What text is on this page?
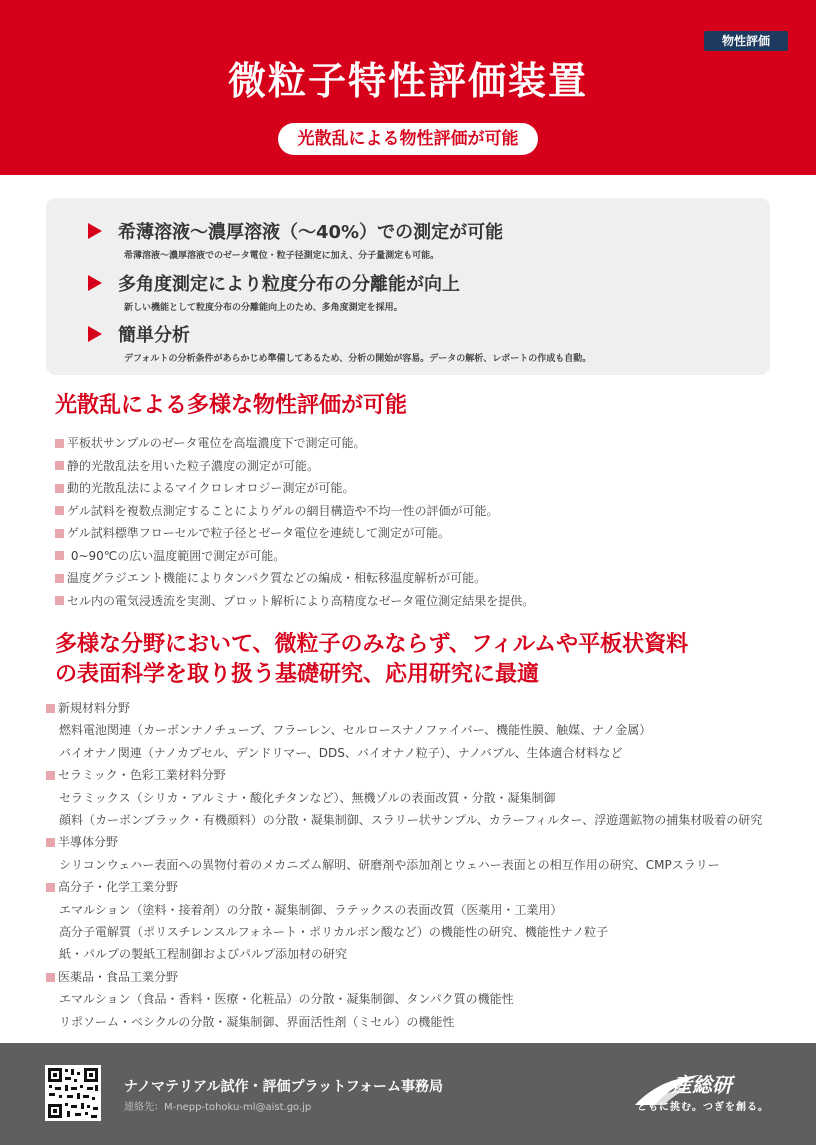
物性評価
微粒子特性評価装置
光散乱による物性評価が可能
希薄溶液～濃厚溶液（～40%）での測定が可能
希薄溶液～濃厚溶液でのゼータ電位・粒子径測定に加え、分子量測定も可能。
多角度測定により粒度分布の分離能が向上
新しい機能として粒度分布の分離能向上のため、多角度測定を採用。
簡単分析
デフォルトの分析条件があらかじめ準備してあるため、分析の開始が容易。データの解析、レポートの作成も自動。
光散乱による多様な物性評価が可能
平板状サンプルのゼータ電位を高塩濃度下で測定可能。
静的光散乱法を用いた粒子濃度の測定が可能。
動的光散乱法によるマイクロレオロジー測定が可能。
ゲル試料を複数点測定することによりゲルの網目構造や不均一性の評価が可能。
ゲル試料標準フローセルで粒子径とゼータ電位を連続して測定が可能。
0~90℃の広い温度範囲で測定が可能。
温度グラジエント機能によりタンパク質などの編成・相転移温度解析が可能。
セル内の電気浸透流を実測、プロット解析により高精度なゼータ電位測定結果を提供。
多様な分野において、微粒子のみならず、フィルムや平板状資料
の表面科学を取り扱う基礎研究、応用研究に最適
新規材料分野
燃料電池関連（カーボンナノチューブ、フラーレン、セルロースナノファイバー、機能性膜、触媒、ナノ金属）
バイオナノ関連（ナノカプセル、デンドリマー、DDS、バイオナノ粒子）、ナノバブル、生体適合材料など
セラミック・色彩工業材料分野
セラミックス（シリカ・アルミナ・酸化チタンなど）、無機ゾルの表面改質・分散・凝集制御
顔料（カーボンブラック・有機顔料）の分散・凝集制御、スラリー状サンプル、カラーフィルター、浮遊選鉱物の捕集材吸着の研究
半導体分野
シリコンウェハー表面への異物付着のメカニズム解明、研磨剤や添加剤とウェハー表面との相互作用の研究、CMPスラリー
高分子・化学工業分野
エマルション（塗料・接着剤）の分散・凝集制御、ラテックスの表面改質（医薬用・工業用）
高分子電解質（ポリスチレンスルフォネート・ポリカルボン酸など）の機能性の研究、機能性ナノ粒子
紙・パルプの製紙工程制御およびパルプ添加材の研究
医薬品・食品工業分野
エマルション（食品・香料・医療・化粧品）の分散・凝集制御、タンパク質の機能性
リポソーム・ベシクルの分散・凝集制御、界面活性剤（ミセル）の機能性
ナノマテリアル試作・評価プラットフォーム事務局
連絡先：M-nepp-tohoku-ml@aist.go.jp
産総研
ともに挑む。つぎを創る。
